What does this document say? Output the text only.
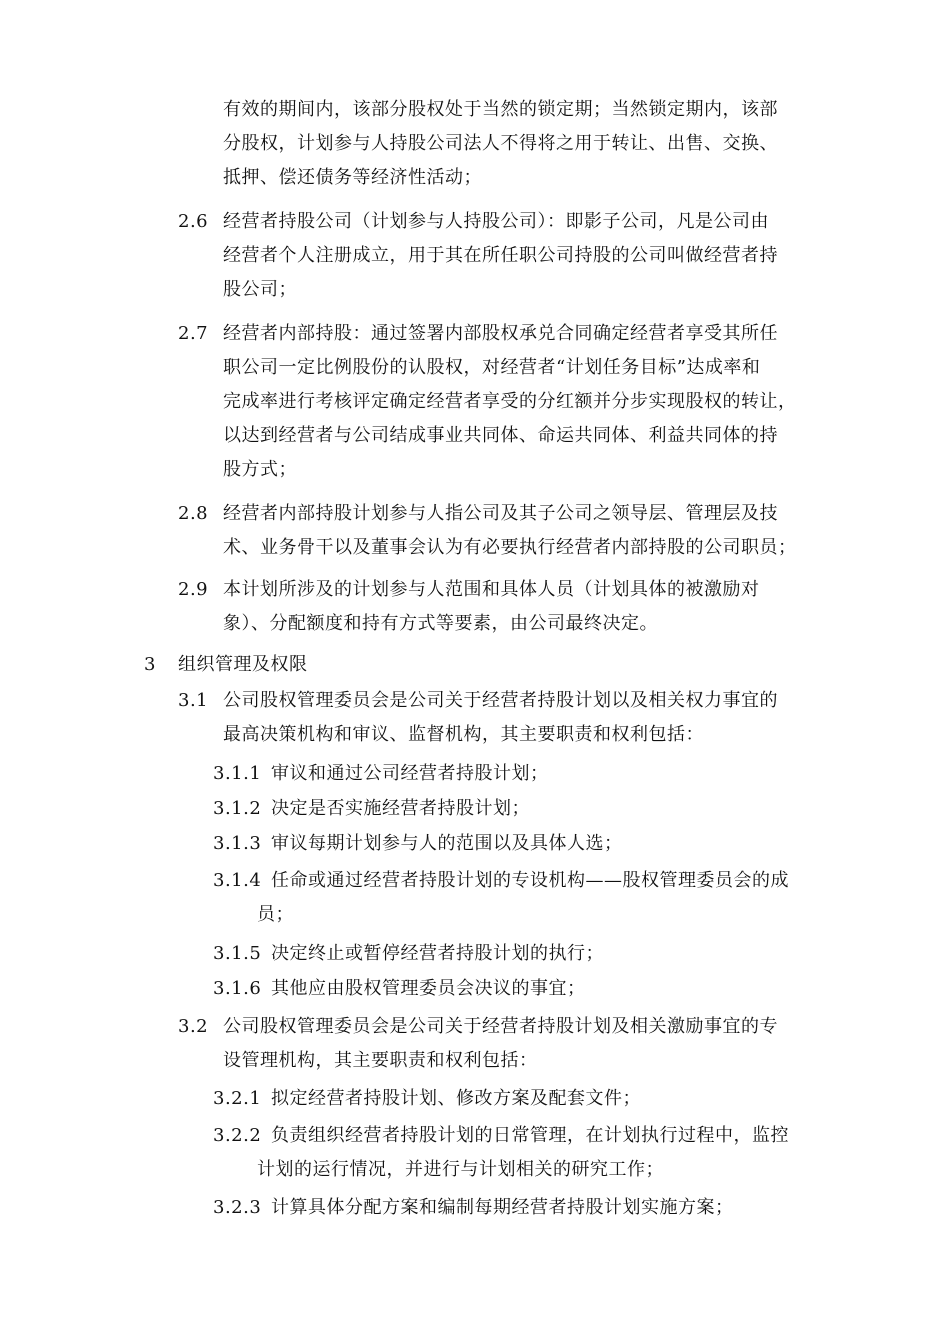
有效的期间内，该部分股权处于当然的锁定期；当然锁定期内，该部
分股权，计划参与人持股公司法人不得将之用于转让、出售、交换、
抵押、偿还债务等经济性活动；
2.6 经营者持股公司（计划参与人持股公司）：即影子公司，凡是公司由
经营者个人注册成立，用于其在所任职公司持股的公司叫做经营者持
股公司；
2.7 经营者内部持股：通过签署内部股权承兑合同确定经营者享受其所任
职公司一定比例股份的认股权，对经营者“计划任务目标”达成率和
完成率进行考核评定确定经营者享受的分红额并分步实现股权的转让，
以达到经营者与公司结成事业共同体、命运共同体、利益共同体的持
股方式；
2.8 经营者内部持股计划参与人指公司及其子公司之领导层、管理层及技
术、业务骨干以及董事会认为有必要执行经营者内部持股的公司职员；
2.9 本计划所涉及的计划参与人范围和具体人员（计划具体的被激励对
象）、分配额度和持有方式等要素，由公司最终决定。
3 组织管理及权限
3.1 公司股权管理委员会是公司关于经营者持股计划以及相关权力事宜的
最高决策机构和审议、监督机构，其主要职责和权利包括：
3.1.1 审议和通过公司经营者持股计划；
3.1.2 决定是否实施经营者持股计划；
3.1.3 审议每期计划参与人的范围以及具体人选；
3.1.4 任命或通过经营者持股计划的专设机构——股权管理委员会的成
员；
3.1.5 决定终止或暂停经营者持股计划的执行；
3.1.6 其他应由股权管理委员会决议的事宜；
3.2 公司股权管理委员会是公司关于经营者持股计划及相关激励事宜的专
设管理机构，其主要职责和权利包括：
3.2.1 拟定经营者持股计划、修改方案及配套文件；
3.2.2 负责组织经营者持股计划的日常管理，在计划执行过程中，监控
计划的运行情况，并进行与计划相关的研究工作；
3.2.3 计算具体分配方案和编制每期经营者持股计划实施方案；
